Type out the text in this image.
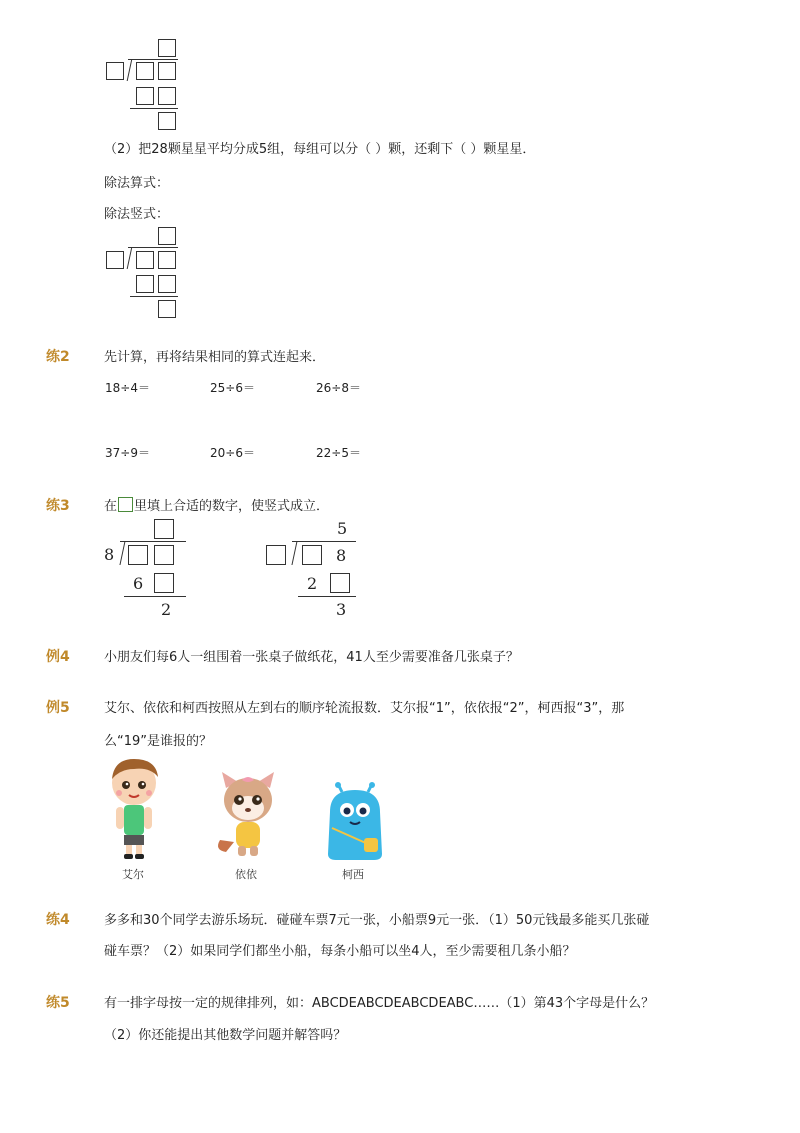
（2）把28颗星星平均分成5组，每组可以分（ ）颗，还剩下（ ）颗星星．
除法算式：
除法竖式：
练2	先计算，再将结果相同的算式连起来．
18÷4＝	25÷6＝	26÷8＝
37÷9＝	20÷6＝	22÷5＝
练3	在 里填上合适的数字，使竖式成立．
8
6
2
5
8
2
3
例4	小朋友们每6人一组围着一张桌子做纸花，41人至少需要准备几张桌子？
例5	艾尔、依依和柯西按照从左到右的顺序轮流报数．艾尔报“1”，依依报“2”，柯西报“3”，那
么“19”是谁报的？
艾尔	依依	柯西
练4	多多和30个同学去游乐场玩．碰碰车票7元一张，小船票9元一张．（1）50元钱最多能买几张碰
碰车票？（2）如果同学们都坐小船，每条小船可以坐4人，至少需要租几条小船？
练5	有一排字母按一定的规律排列，如：ABCDEABCDEABCDEABC……（1）第43个字母是什么？
（2）你还能提出其他数学问题并解答吗？
